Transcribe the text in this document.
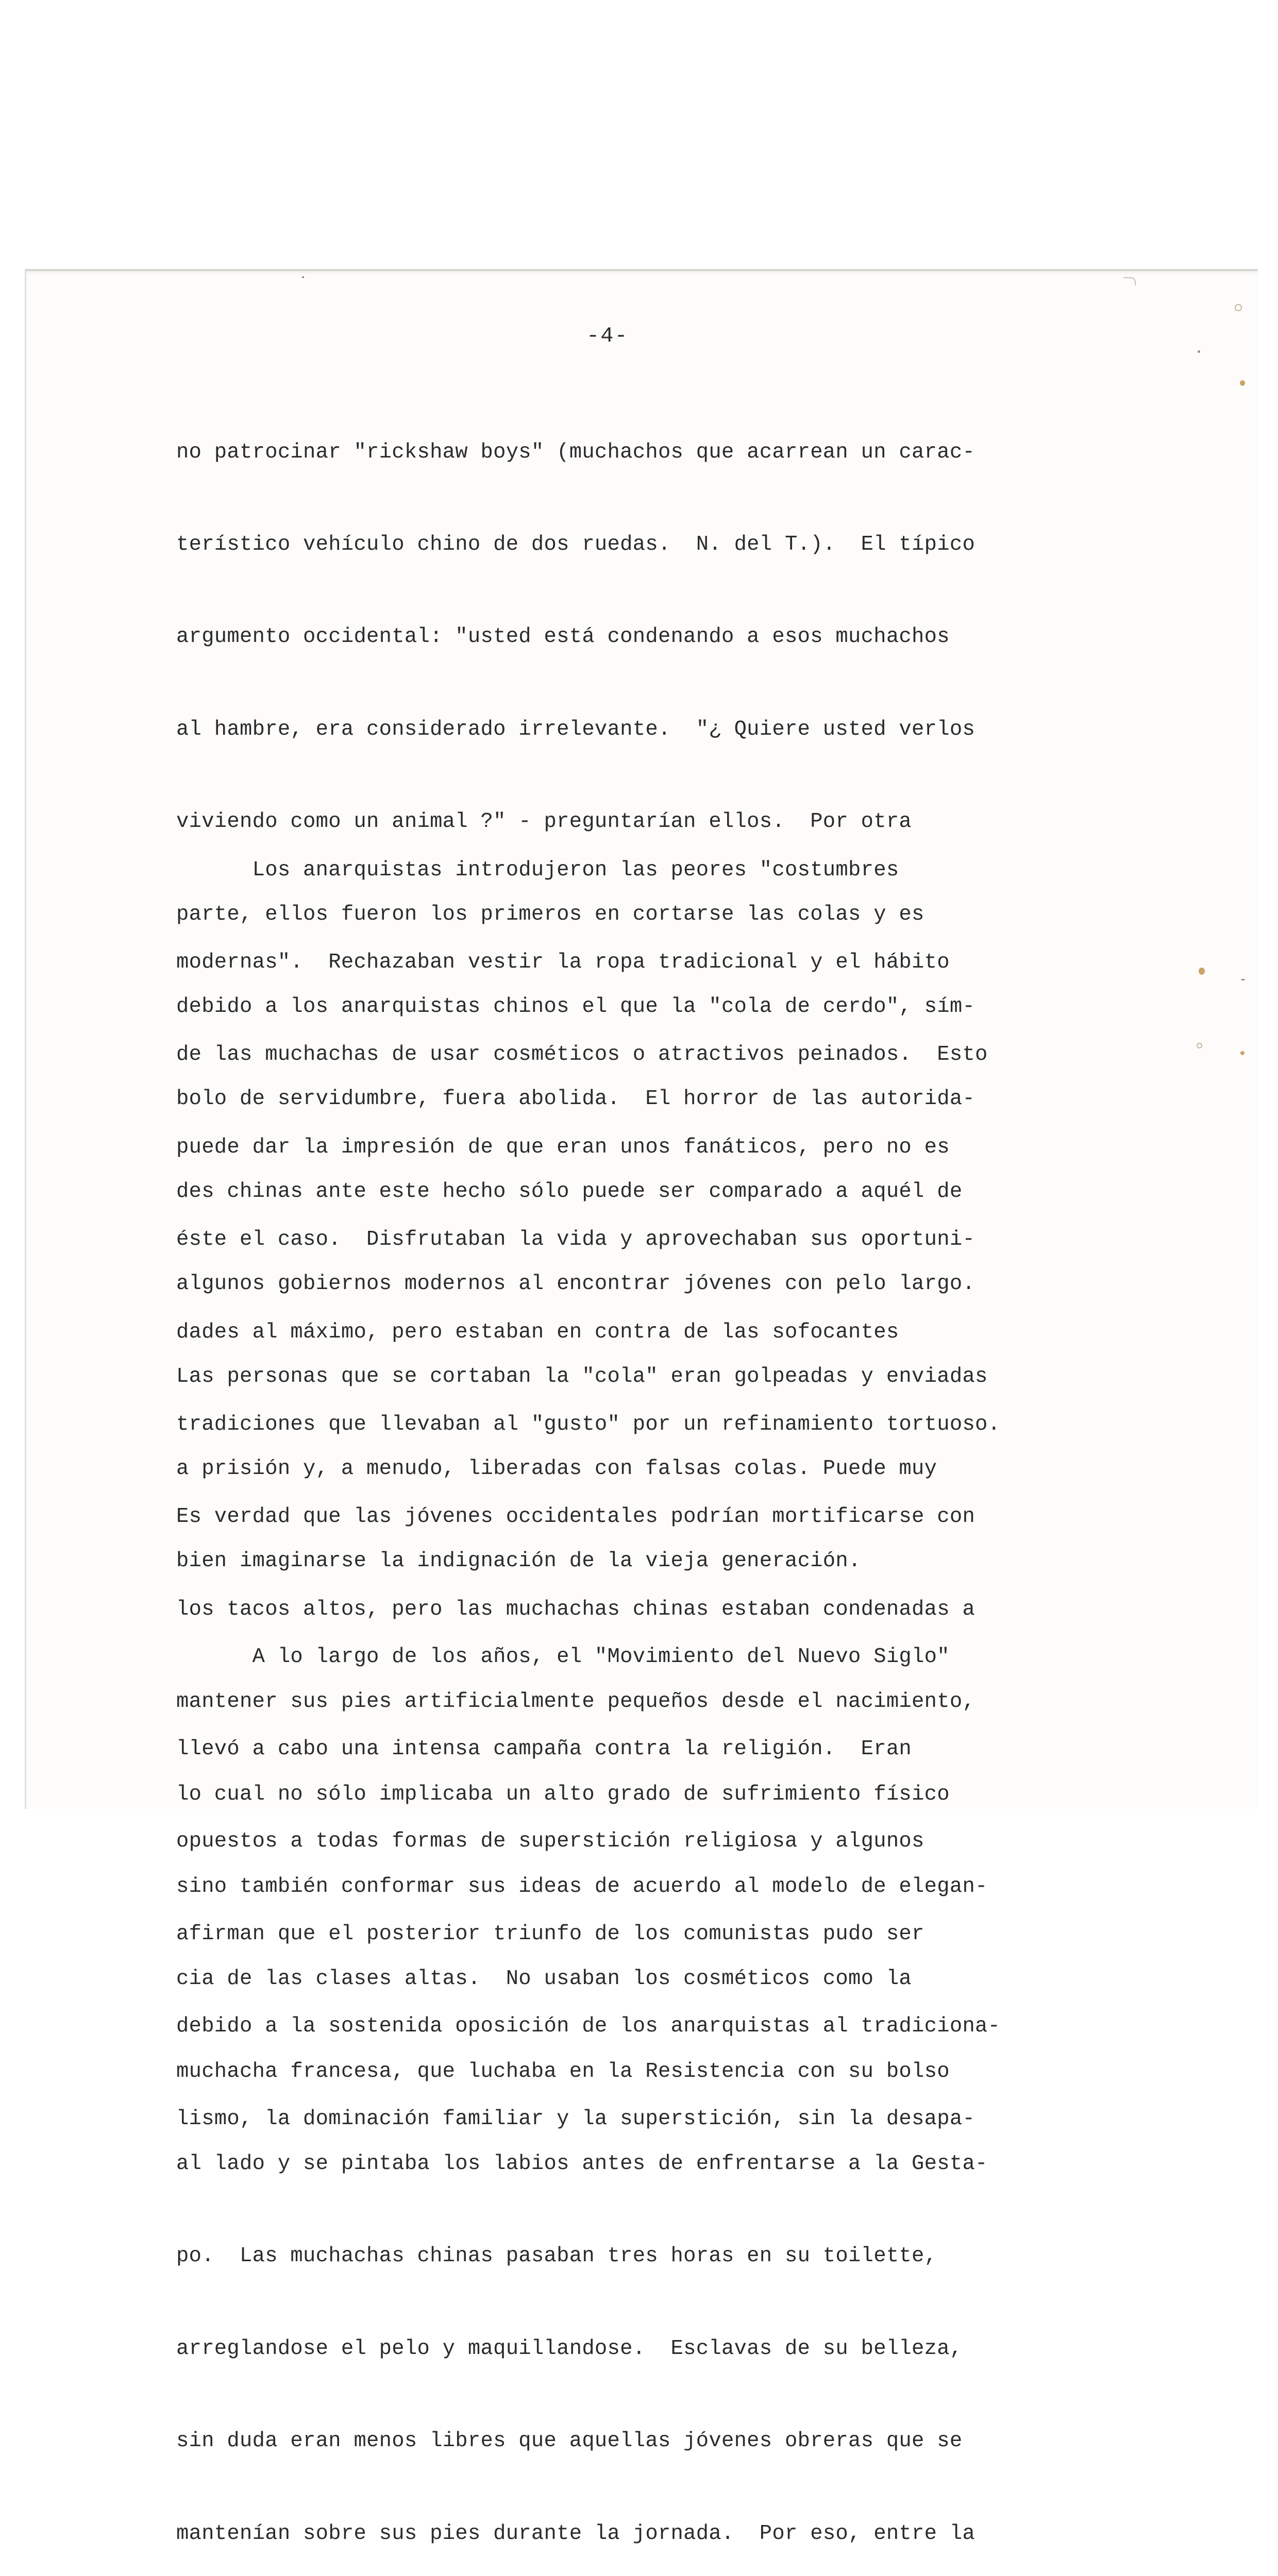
-4-

no patrocinar "rickshaw boys" (muchachos que acarrean un carac-

terístico vehículo chino de dos ruedas.  N. del T.).  El típico

argumento occidental: "usted está condenando a esos muchachos

al hambre, era considerado irrelevante.  "¿ Quiere usted verlos

viviendo como un animal ?" - preguntarían ellos.  Por otra

parte, ellos fueron los primeros en cortarse las colas y es

debido a los anarquistas chinos el que la "cola de cerdo", sím-

bolo de servidumbre, fuera abolida.  El horror de las autorida-

des chinas ante este hecho sólo puede ser comparado a aquél de

algunos gobiernos modernos al encontrar jóvenes con pelo largo.

Las personas que se cortaban la "cola" eran golpeadas y enviadas

a prisión y, a menudo, liberadas con falsas colas. Puede muy

bien imaginarse la indignación de la vieja generación.

Los anarquistas introdujeron las peores "costumbres

modernas".  Rechazaban vestir la ropa tradicional y el hábito

de las muchachas de usar cosméticos o atractivos peinados.  Esto

puede dar la impresión de que eran unos fanáticos, pero no es

éste el caso.  Disfrutaban la vida y aprovechaban sus oportuni-

dades al máximo, pero estaban en contra de las sofocantes

tradiciones que llevaban al "gusto" por un refinamiento tortuoso.

Es verdad que las jóvenes occidentales podrían mortificarse con

los tacos altos, pero las muchachas chinas estaban condenadas a

mantener sus pies artificialmente pequeños desde el nacimiento,

lo cual no sólo implicaba un alto grado de sufrimiento físico

sino también conformar sus ideas de acuerdo al modelo de elegan-

cia de las clases altas.  No usaban los cosméticos como la

muchacha francesa, que luchaba en la Resistencia con su bolso

al lado y se pintaba los labios antes de enfrentarse a la Gesta-

po.  Las muchachas chinas pasaban tres horas en su toilette,

arreglandose el pelo y maquillandose.  Esclavas de su belleza,

sin duda eran menos libres que aquellas jóvenes obreras que se

mantenían sobre sus pies durante la jornada.  Por eso, entre la

A lo largo de los años, el "Movimiento del Nuevo Siglo"

llevó a cabo una intensa campaña contra la religión.  Eran

opuestos a todas formas de superstición religiosa y algunos

afirman que el posterior triunfo de los comunistas pudo ser

debido a la sostenida oposición de los anarquistas al tradiciona-

lismo, la dominación familiar y la superstición, sin la desapa-
